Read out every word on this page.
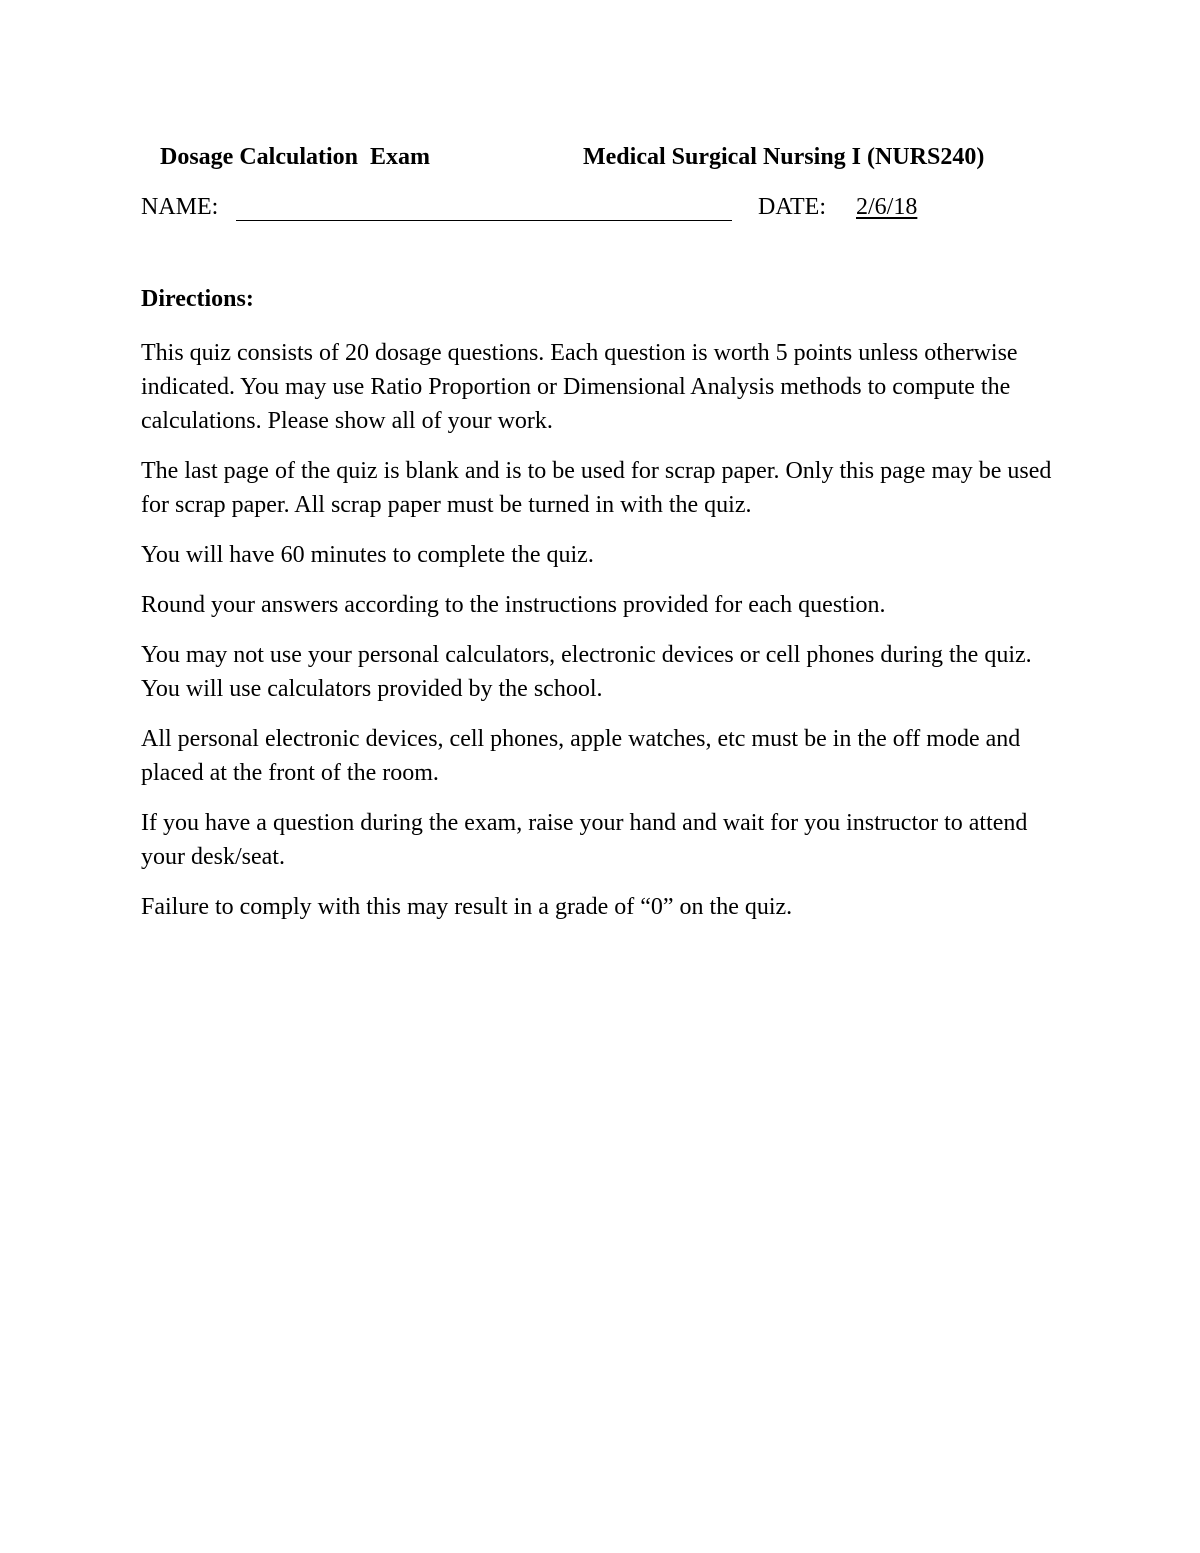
Dosage Calculation  Exam	Medical Surgical Nursing I (NURS240)
NAME:	DATE: 2/6/18
Directions:

This quiz consists of 20 dosage questions. Each question is worth 5 points unless otherwise indicated. You may use Ratio Proportion or Dimensional Analysis methods to compute the calculations. Please show all of your work.

The last page of the quiz is blank and is to be used for scrap paper. Only this page may be used for scrap paper. All scrap paper must be turned in with the quiz.

You will have 60 minutes to complete the quiz.

Round your answers according to the instructions provided for each question.

You may not use your personal calculators, electronic devices or cell phones during the quiz. You will use calculators provided by the school.

All personal electronic devices, cell phones, apple watches, etc must be in the off mode and placed at the front of the room.

If you have a question during the exam, raise your hand and wait for you instructor to attend your desk/seat.

Failure to comply with this may result in a grade of “0” on the quiz.
